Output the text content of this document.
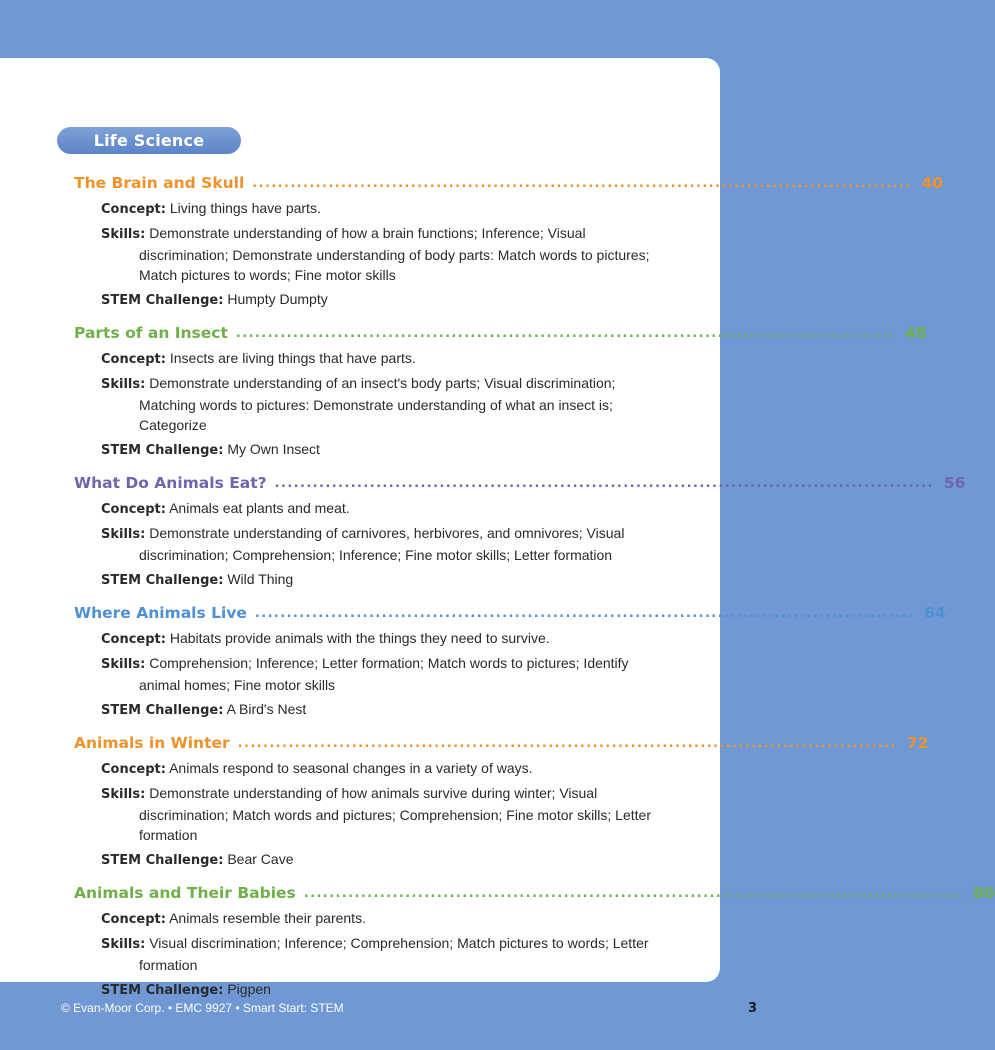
Life Science
The Brain and Skull ........................................................................................................ 40
Concept: Living things have parts.
Skills: Demonstrate understanding of how a brain functions; Inference; Visual discrimination; Demonstrate understanding of body parts: Match words to pictures; Match pictures to words; Fine motor skills
STEM Challenge: Humpty Dumpty
Parts of an Insect ........................................................................................................ 48
Concept: Insects are living things that have parts.
Skills: Demonstrate understanding of an insect's body parts; Visual discrimination; Matching words to pictures: Demonstrate understanding of what an insect is; Categorize
STEM Challenge: My Own Insect
What Do Animals Eat? ........................................................................................................ 56
Concept: Animals eat plants and meat.
Skills: Demonstrate understanding of carnivores, herbivores, and omnivores; Visual discrimination; Comprehension; Inference; Fine motor skills; Letter formation
STEM Challenge: Wild Thing
Where Animals Live ........................................................................................................ 64
Concept: Habitats provide animals with the things they need to survive.
Skills: Comprehension; Inference; Letter formation; Match words to pictures; Identify animal homes; Fine motor skills
STEM Challenge: A Bird's Nest
Animals in Winter ........................................................................................................ 72
Concept: Animals respond to seasonal changes in a variety of ways.
Skills: Demonstrate understanding of how animals survive during winter; Visual discrimination; Match words and pictures; Comprehension; Fine motor skills; Letter formation
STEM Challenge: Bear Cave
Animals and Their Babies ........................................................................................................ 80
Concept: Animals resemble their parents.
Skills: Visual discrimination; Inference; Comprehension; Match pictures to words; Letter formation
STEM Challenge: Pigpen
© Evan-Moor Corp. • EMC 9927 • Smart Start: STEM	3
